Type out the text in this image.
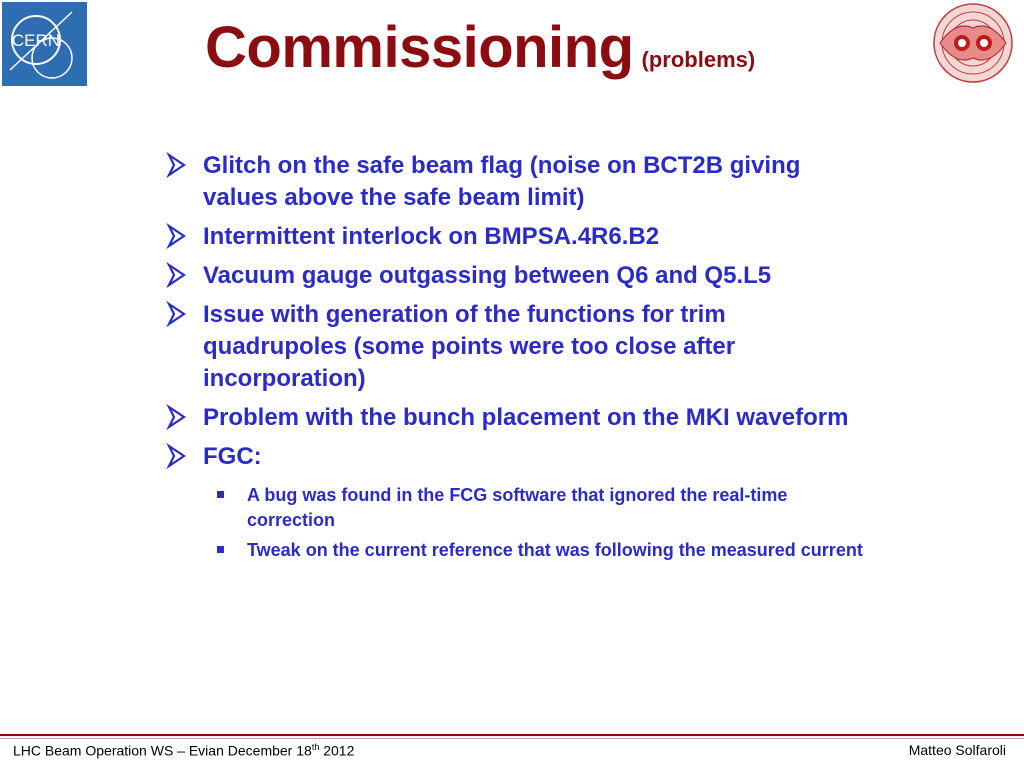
CERN Commissioning (problems)
Glitch on the safe beam flag (noise on BCT2B giving values above the safe beam limit)
Intermittent interlock on BMPSA.4R6.B2
Vacuum gauge outgassing between Q6 and Q5.L5
Issue with generation of the functions for trim quadrupoles (some points were too close after incorporation)
Problem with the bunch placement on the MKI waveform
FGC:
A bug was found in the FCG software that ignored the real-time correction
Tweak on the current reference that was following the measured current
LHC Beam Operation WS – Evian December 18th 2012	Matteo Solfaroli
